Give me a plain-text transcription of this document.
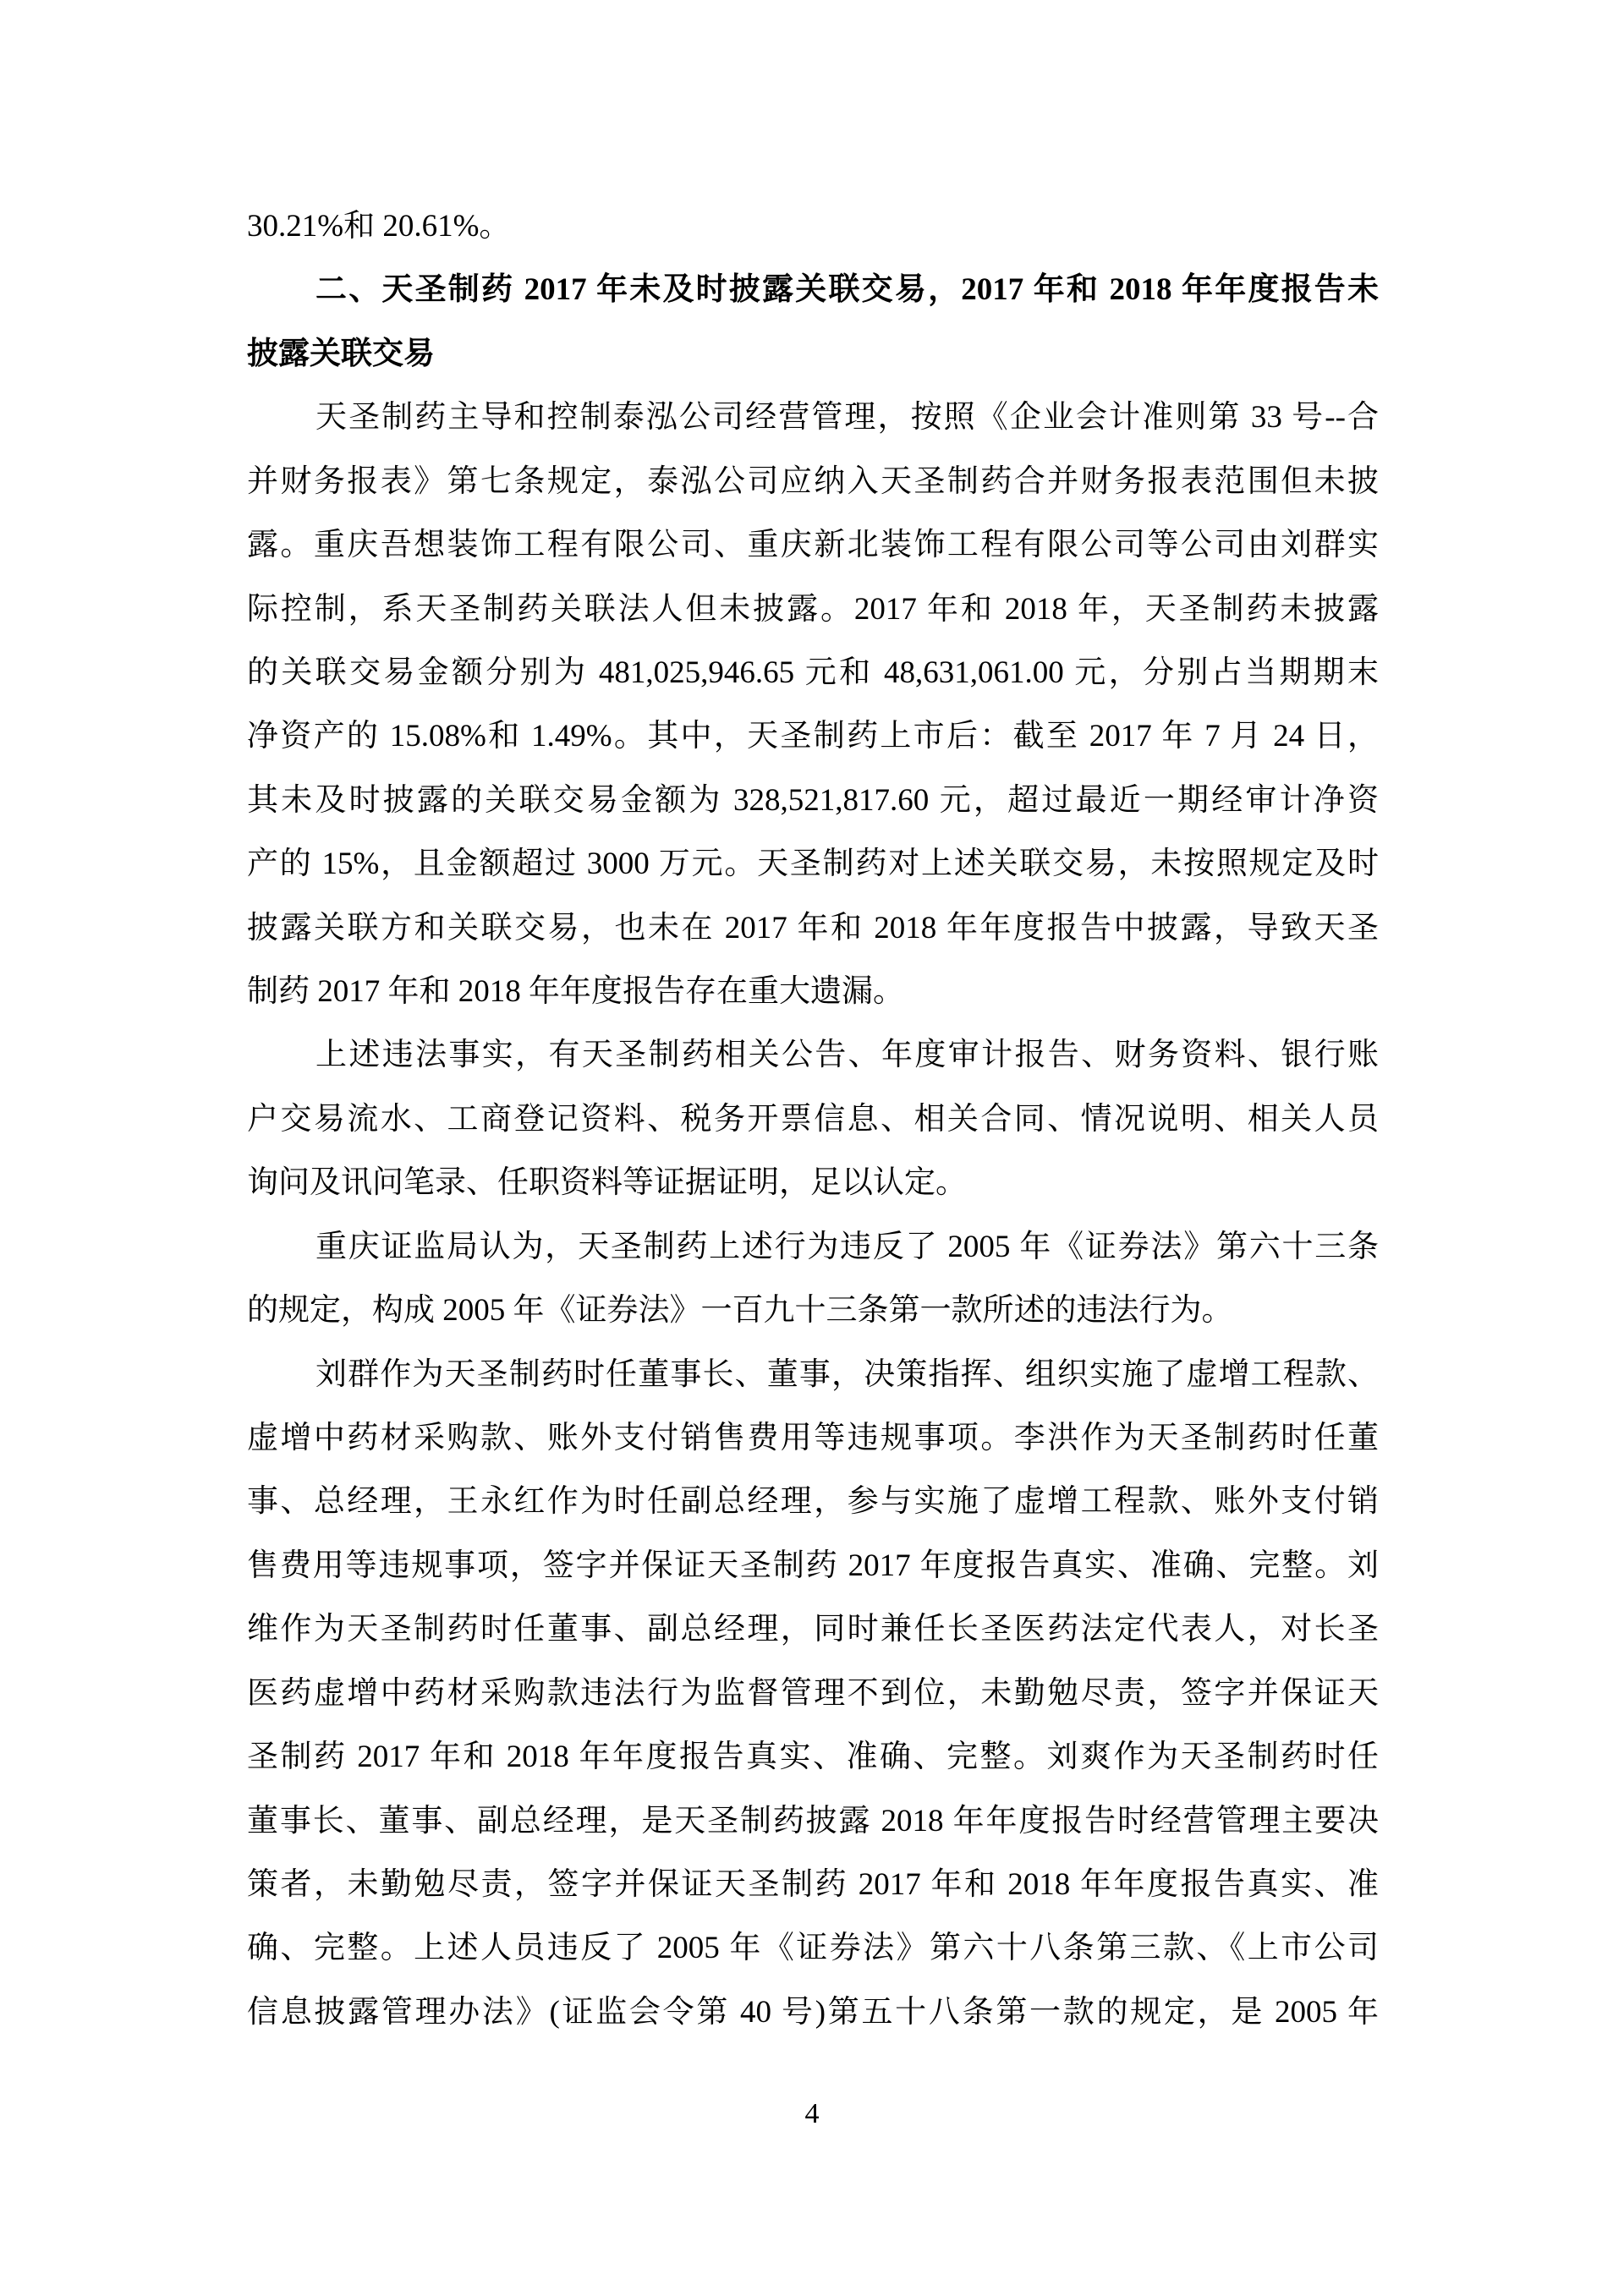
30.21%和 20.61%。
二、天圣制药 2017 年未及时披露关联交易，2017 年和 2018 年年度报告未
披露关联交易
天圣制药主导和控制泰泓公司经营管理，按照《企业会计准则第 33 号--合
并财务报表》第七条规定，泰泓公司应纳入天圣制药合并财务报表范围但未披
露。重庆吾想装饰工程有限公司、重庆新北装饰工程有限公司等公司由刘群实
际控制，系天圣制药关联法人但未披露。2017 年和 2018 年，天圣制药未披露
的关联交易金额分别为 481,025,946.65 元和 48,631,061.00 元，分别占当期期末
净资产的 15.08%和 1.49%。其中，天圣制药上市后：截至 2017 年 7 月 24 日，
其未及时披露的关联交易金额为 328,521,817.60 元，超过最近一期经审计净资
产的 15%，且金额超过 3000 万元。天圣制药对上述关联交易，未按照规定及时
披露关联方和关联交易，也未在 2017 年和 2018 年年度报告中披露，导致天圣
制药 2017 年和 2018 年年度报告存在重大遗漏。
上述违法事实，有天圣制药相关公告、年度审计报告、财务资料、银行账
户交易流水、工商登记资料、税务开票信息、相关合同、情况说明、相关人员
询问及讯问笔录、任职资料等证据证明，足以认定。
重庆证监局认为，天圣制药上述行为违反了 2005 年《证券法》第六十三条
的规定，构成 2005 年《证券法》一百九十三条第一款所述的违法行为。
刘群作为天圣制药时任董事长、董事，决策指挥、组织实施了虚增工程款、
虚增中药材采购款、账外支付销售费用等违规事项。李洪作为天圣制药时任董
事、总经理，王永红作为时任副总经理，参与实施了虚增工程款、账外支付销
售费用等违规事项，签字并保证天圣制药 2017 年度报告真实、准确、完整。刘
维作为天圣制药时任董事、副总经理，同时兼任长圣医药法定代表人，对长圣
医药虚增中药材采购款违法行为监督管理不到位，未勤勉尽责，签字并保证天
圣制药 2017 年和 2018 年年度报告真实、准确、完整。刘爽作为天圣制药时任
董事长、董事、副总经理，是天圣制药披露 2018 年年度报告时经营管理主要决
策者，未勤勉尽责，签字并保证天圣制药 2017 年和 2018 年年度报告真实、准
确、完整。上述人员违反了 2005 年《证券法》第六十八条第三款、《上市公司
信息披露管理办法》(证监会令第 40 号)第五十八条第一款的规定，是 2005 年
4
